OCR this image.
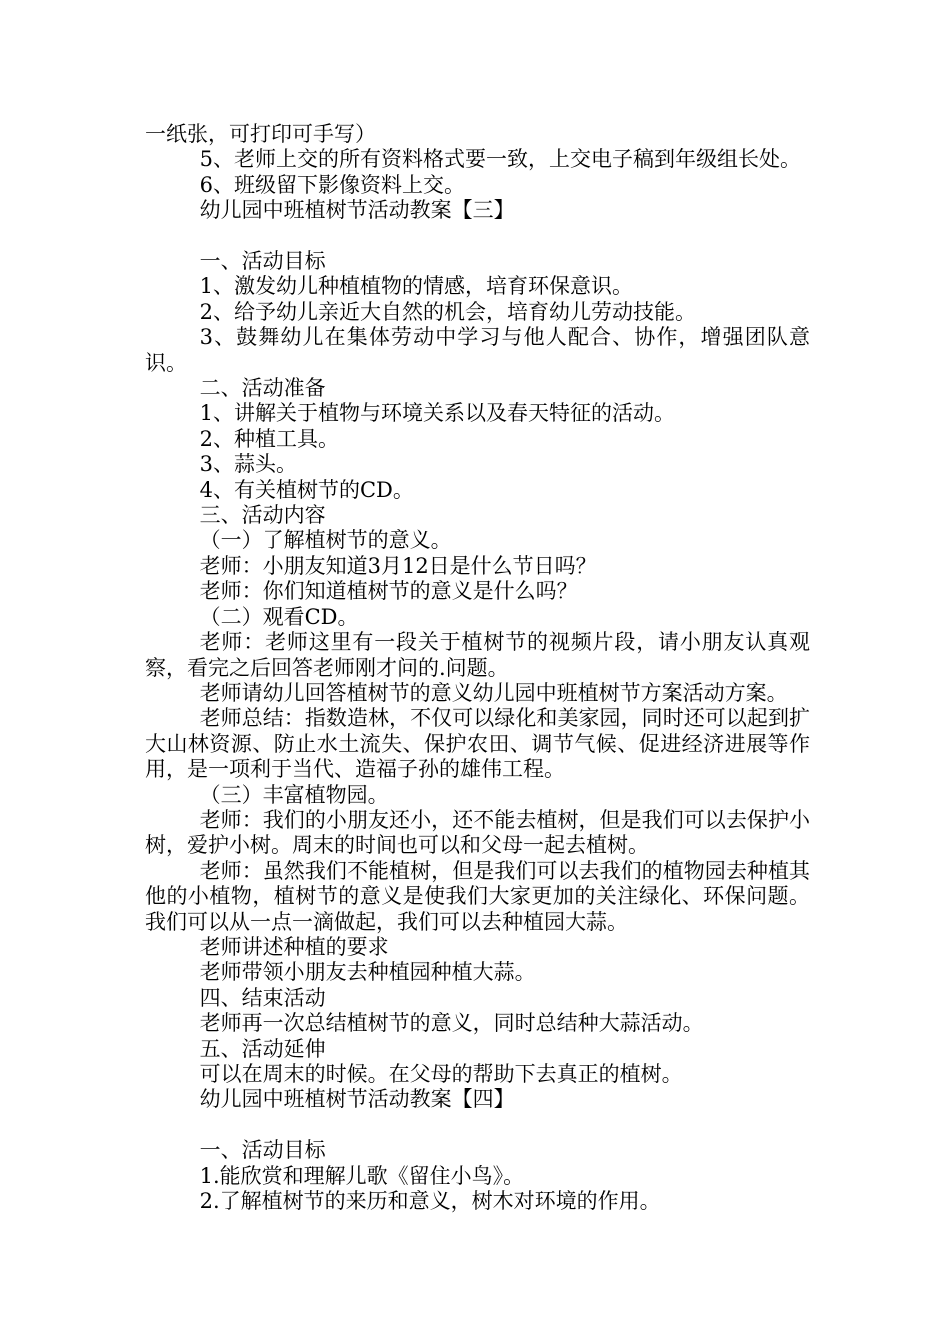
一纸张，可打印可手写）

5、老师上交的所有资料格式要一致，上交电子稿到年级组长处。

6、班级留下影像资料上交。

幼儿园中班植树节活动教案【三】

一、活动目标

1、激发幼儿种植植物的情感，培育环保意识。

2、给予幼儿亲近大自然的机会，培育幼儿劳动技能。

3、鼓舞幼儿在集体劳动中学习与他人配合、协作，增强团队意识。

二、活动准备

1、讲解关于植物与环境关系以及春天特征的活动。

2、种植工具。

3、蒜头。

4、有关植树节的CD。

三、活动内容

（一）了解植树节的意义。

老师：小朋友知道3月12日是什么节日吗？

老师：你们知道植树节的意义是什么吗？

（二）观看CD。

老师：老师这里有一段关于植树节的视频片段，请小朋友认真观察，看完之后回答老师刚才问的.问题。

老师请幼儿回答植树节的意义幼儿园中班植树节方案活动方案。

老师总结：指数造林，不仅可以绿化和美家园，同时还可以起到扩大山林资源、防止水土流失、保护农田、调节气候、促进经济进展等作用，是一项利于当代、造福子孙的雄伟工程。

（三）丰富植物园。

老师：我们的小朋友还小，还不能去植树，但是我们可以去保护小树，爱护小树。周末的时间也可以和父母一起去植树。

老师：虽然我们不能植树，但是我们可以去我们的植物园去种植其他的小植物，植树节的意义是使我们大家更加的关注绿化、环保问题。我们可以从一点一滴做起，我们可以去种植园大蒜。

老师讲述种植的要求

老师带领小朋友去种植园种植大蒜。

四、结束活动

老师再一次总结植树节的意义，同时总结种大蒜活动。

五、活动延伸

可以在周末的时候。在父母的帮助下去真正的植树。

幼儿园中班植树节活动教案【四】

一、活动目标

1.能欣赏和理解儿歌《留住小鸟》。

2.了解植树节的来历和意义，树木对环境的作用。
